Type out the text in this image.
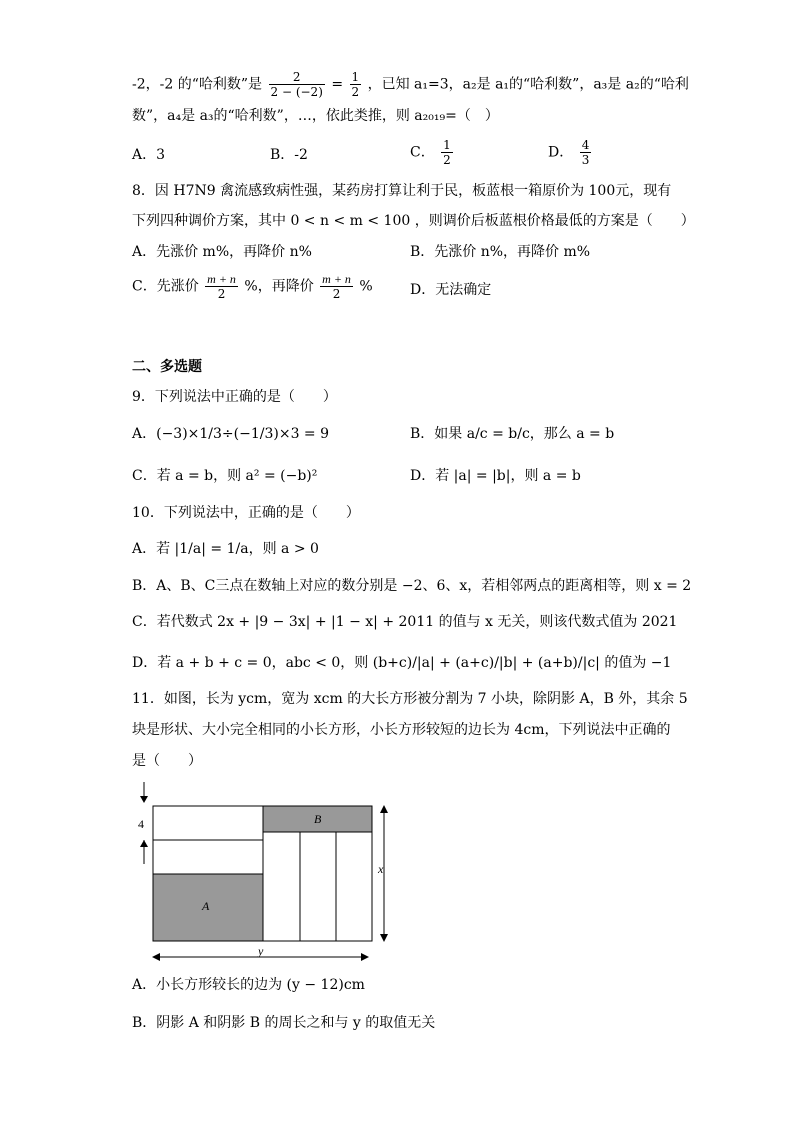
-2，-2 的“哈利数”是 $\frac{2}{2 - (-2)} = \frac{1}{2}$ ，已知 a₁=3，a₂是 a₁的“哈利数”，a₃是 a₂的“哈利
数”，a₄是 a₃的“哈利数”，…，依此类推，则 a₂₀₁₉=（　）
A．3	B．-2	C． $\frac{1}{2}$	D． $\frac{4}{3}$
8．因 H7N9 禽流感致病性强，某药房打算让利于民，板蓝根一箱原价为 100元，现有
下列四种调价方案，其中 0 < n < m < 100 ，则调价后板蓝根价格最低的方案是（　　）
A．先涨价 m%，再降价 n%	B．先涨价 n%，再降价 m%
C．先涨价 $\frac{m + n}{2}$ %，再降价 $\frac{m + n}{2}$ %	D．无法确定
二、多选题
9．下列说法中正确的是（　　）
A．(−3)×1/3÷(−1/3)×3 = 9	B．如果 a/c = b/c，那么 a = b
C．若 a = b，则 a² = (−b)²	D．若 |a| = |b|，则 a = b
10．下列说法中，正确的是（　　）
A．若 |1/a| = 1/a，则 a > 0
B．A、B、C三点在数轴上对应的数分别是 −2、6、x，若相邻两点的距离相等，则 x = 2
C．若代数式 2x + |9 − 3x| + |1 − x| + 2011 的值与 x 无关，则该代数式值为 2021
D．若 a + b + c = 0，abc < 0，则 (b+c)/|a| + (a+c)/|b| + (a+b)/|c| 的值为 −1
11．如图，长为 ycm，宽为 xcm 的大长方形被分割为 7 小块，除阴影 A，B 外，其余 5
块是形状、大小完全相同的小长方形，小长方形较短的边长为 4cm，下列说法中正确的
是（　　）
4
A
B
x
y
A．小长方形较长的边为 (y − 12)cm
B．阴影 A 和阴影 B 的周长之和与 y 的取值无关
